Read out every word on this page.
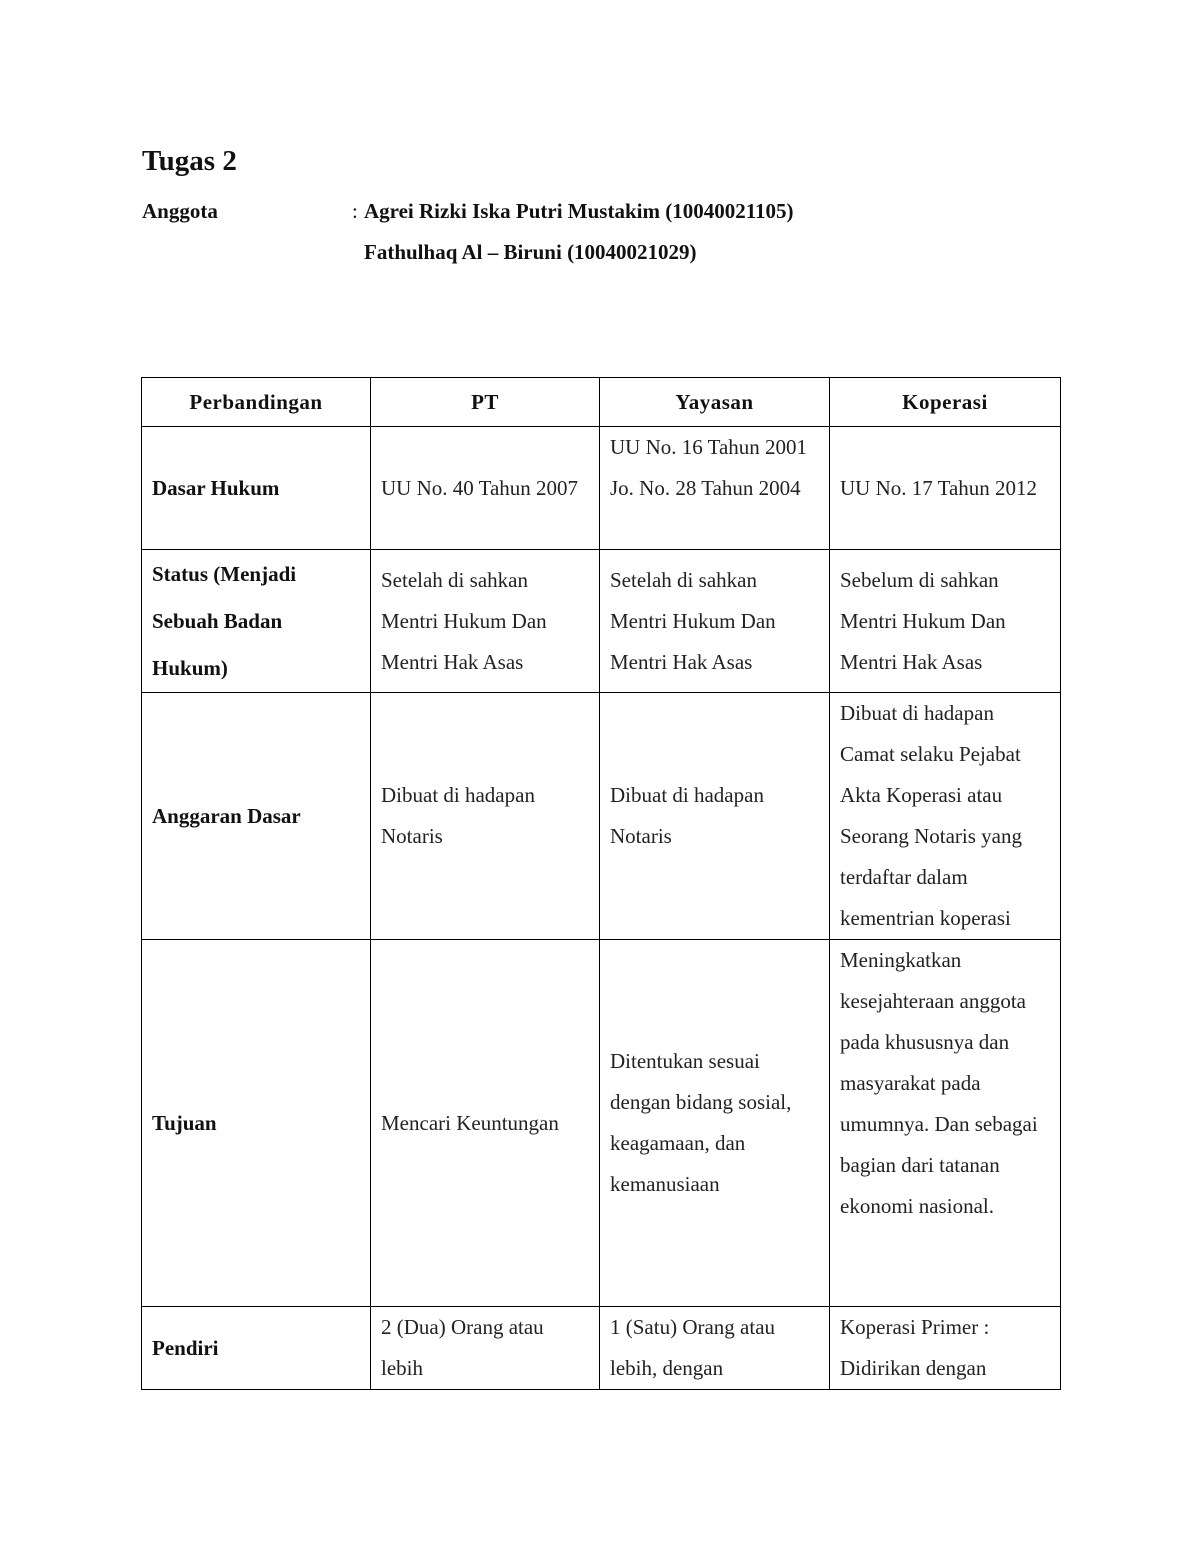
Tugas 2
Anggota	: Agrei Rizki Iska Putri Mustakim (10040021105)
Fathulhaq Al – Biruni (10040021029)
Perbandingan	PT	Yayasan	Koperasi
Dasar Hukum	UU No. 40 Tahun 2007	UU No. 16 Tahun 2001 Jo. No. 28 Tahun 2004	UU No. 17 Tahun 2012
Status (Menjadi Sebuah Badan Hukum)	Setelah di sahkan Mentri Hukum Dan Mentri Hak Asas	Setelah di sahkan Mentri Hukum Dan Mentri Hak Asas	Sebelum di sahkan Mentri Hukum Dan Mentri Hak Asas
Anggaran Dasar	Dibuat di hadapan Notaris	Dibuat di hadapan Notaris	Dibuat di hadapan Camat selaku Pejabat Akta Koperasi atau Seorang Notaris yang terdaftar dalam kementrian koperasi
Tujuan	Mencari Keuntungan	Ditentukan sesuai dengan bidang sosial, keagamaan, dan kemanusiaan	Meningkatkan kesejahteraan anggota pada khususnya dan masyarakat pada umumnya. Dan sebagai bagian dari tatanan ekonomi nasional.
Pendiri	2 (Dua) Orang atau lebih	1 (Satu) Orang atau lebih, dengan	Koperasi Primer : Didirikan dengan
